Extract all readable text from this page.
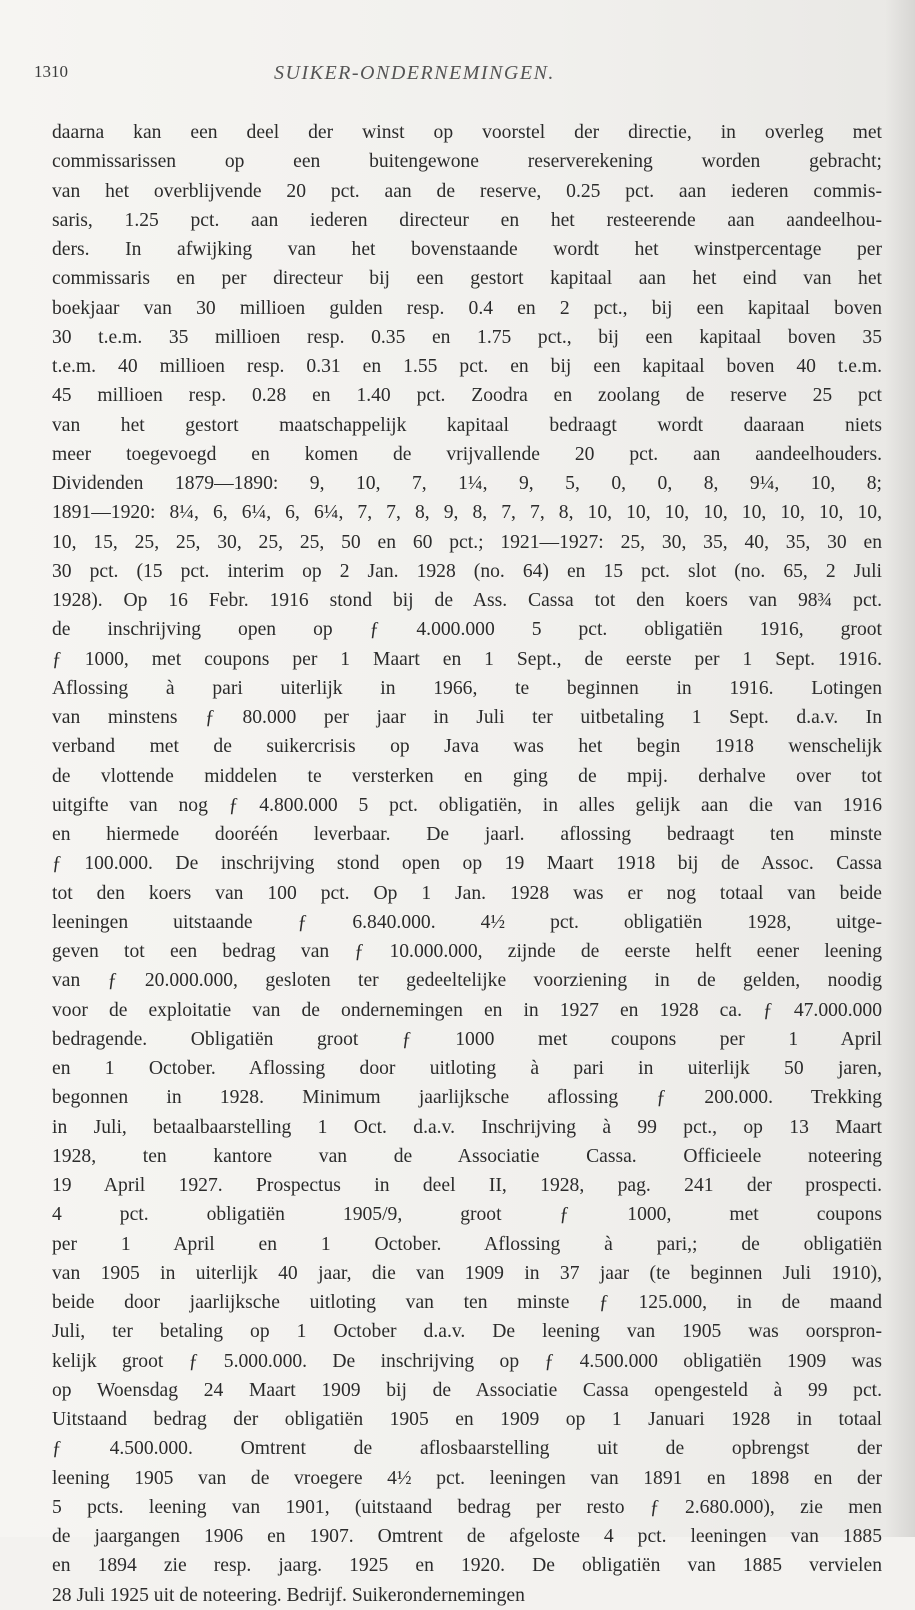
1310	SUIKER-ONDERNEMINGEN.
daarna kan een deel der winst op voorstel der directie, in overleg met
commissarissen op een buitengewone reserverekening worden gebracht;
van het overblijvende 20 pct. aan de reserve, 0.25 pct. aan iederen commis-
saris, 1.25 pct. aan iederen directeur en het resteerende aan aandeelhou-
ders. In afwijking van het bovenstaande wordt het winstpercentage per
commissaris en per directeur bij een gestort kapitaal aan het eind van het
boekjaar van 30 millioen gulden resp. 0.4 en 2 pct., bij een kapitaal boven
30 t.e.m. 35 millioen resp. 0.35 en 1.75 pct., bij een kapitaal boven 35
t.e.m. 40 millioen resp. 0.31 en 1.55 pct. en bij een kapitaal boven 40 t.e.m.
45 millioen resp. 0.28 en 1.40 pct. Zoodra en zoolang de reserve 25 pct
van het gestort maatschappelijk kapitaal bedraagt wordt daaraan niets
meer toegevoegd en komen de vrijvallende 20 pct. aan aandeelhouders.
Dividenden 1879—1890: 9, 10, 7, 1¼, 9, 5, 0, 0, 8, 9¼, 10, 8;
1891—1920: 8¼, 6, 6¼, 6, 6¼, 7, 7, 8, 9, 8, 7, 7, 8, 10, 10, 10, 10, 10, 10, 10, 10,
10, 15, 25, 25, 30, 25, 25, 50 en 60 pct.; 1921—1927: 25, 30, 35, 40, 35, 30 en
30 pct. (15 pct. interim op 2 Jan. 1928 (no. 64) en 15 pct. slot (no. 65, 2 Juli
1928). Op 16 Febr. 1916 stond bij de Ass. Cassa tot den koers van 98¾ pct.
de inschrijving open op ƒ 4.000.000 5 pct. obligatiën 1916, groot
ƒ 1000, met coupons per 1 Maart en 1 Sept., de eerste per 1 Sept. 1916.
Aflossing à pari uiterlijk in 1966, te beginnen in 1916. Lotingen
van minstens ƒ 80.000 per jaar in Juli ter uitbetaling 1 Sept. d.a.v. In
verband met de suikercrisis op Java was het begin 1918 wenschelijk
de vlottende middelen te versterken en ging de mpij. derhalve over tot
uitgifte van nog ƒ 4.800.000 5 pct. obligatiën, in alles gelijk aan die van 1916
en hiermede dooréén leverbaar. De jaarl. aflossing bedraagt ten minste
ƒ 100.000. De inschrijving stond open op 19 Maart 1918 bij de Assoc. Cassa
tot den koers van 100 pct. Op 1 Jan. 1928 was er nog totaal van beide
leeningen uitstaande ƒ 6.840.000. 4½ pct. obligatiën 1928, uitge-
geven tot een bedrag van ƒ 10.000.000, zijnde de eerste helft eener leening
van ƒ 20.000.000, gesloten ter gedeeltelijke voorziening in de gelden, noodig
voor de exploitatie van de ondernemingen en in 1927 en 1928 ca. ƒ 47.000.000
bedragende. Obligatiën groot ƒ 1000 met coupons per 1 April
en 1 October. Aflossing door uitloting à pari in uiterlijk 50 jaren,
begonnen in 1928. Minimum jaarlijksche aflossing ƒ 200.000. Trekking
in Juli, betaalbaarstelling 1 Oct. d.a.v. Inschrijving à 99 pct., op 13 Maart
1928, ten kantore van de Associatie Cassa. Officieele noteering
19 April 1927. Prospectus in deel II, 1928, pag. 241 der prospecti.
4 pct. obligatiën 1905/9, groot ƒ 1000, met coupons
per 1 April en 1 October. Aflossing à pari,; de obligatiën
van 1905 in uiterlijk 40 jaar, die van 1909 in 37 jaar (te beginnen Juli 1910),
beide door jaarlijksche uitloting van ten minste ƒ 125.000, in de maand
Juli, ter betaling op 1 October d.a.v. De leening van 1905 was oorspron-
kelijk groot ƒ 5.000.000. De inschrijving op ƒ 4.500.000 obligatiën 1909 was
op Woensdag 24 Maart 1909 bij de Associatie Cassa opengesteld à 99 pct.
Uitstaand bedrag der obligatiën 1905 en 1909 op 1 Januari 1928 in totaal
ƒ 4.500.000. Omtrent de aflosbaarstelling uit de opbrengst der
leening 1905 van de vroegere 4½ pct. leeningen van 1891 en 1898 en der
5 pcts. leening van 1901, (uitstaand bedrag per resto ƒ 2.680.000), zie men
de jaargangen 1906 en 1907. Omtrent de afgeloste 4 pct. leeningen van 1885
en 1894 zie resp. jaarg. 1925 en 1920. De obligatiën van 1885 vervielen
28 Juli 1925 uit de noteering. Bedrijf. Suikerondernemingen
